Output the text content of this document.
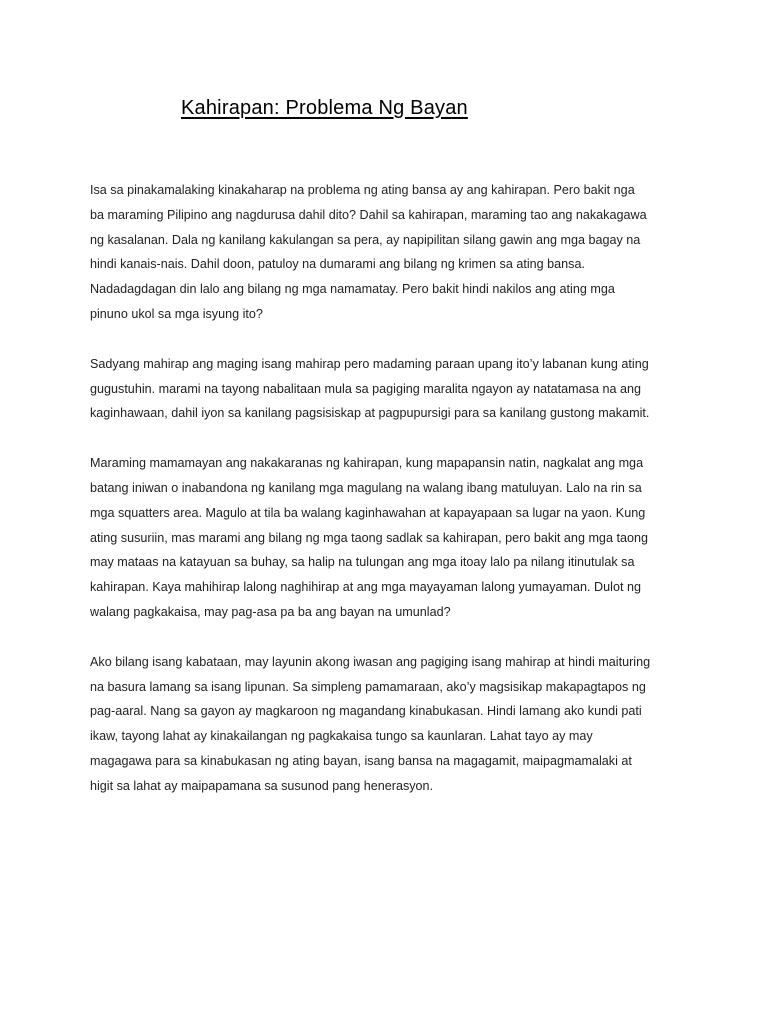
Kahirapan: Problema Ng Bayan

Isa sa pinakamalaking kinakaharap na problema ng ating bansa ay ang kahirapan. Pero bakit nga
ba maraming Pilipino ang nagdurusa dahil dito? Dahil sa kahirapan, maraming tao ang nakakagawa
ng kasalanan. Dala ng kanilang kakulangan sa pera, ay napipilitan silang gawin ang mga bagay na
hindi kanais-nais. Dahil doon, patuloy na dumarami ang bilang ng krimen sa ating bansa.
Nadadagdagan din lalo ang bilang ng mga namamatay. Pero bakit hindi nakilos ang ating mga
pinuno ukol sa mga isyung ito?

Sadyang mahirap ang maging isang mahirap pero madaming paraan upang ito’y labanan kung ating
gugustuhin. marami na tayong nabalitaan mula sa pagiging maralita ngayon ay natatamasa na ang
kaginhawaan, dahil iyon sa kanilang pagsisiskap at pagpupursigi para sa kanilang gustong makamit.

Maraming mamamayan ang nakakaranas ng kahirapan, kung mapapansin natin, nagkalat ang mga
batang iniwan o inabandona ng kanilang mga magulang na walang ibang matuluyan. Lalo na rin sa
mga squatters area. Magulo at tila ba walang kaginhawahan at kapayapaan sa lugar na yaon. Kung
ating susuriin, mas marami ang bilang ng mga taong sadlak sa kahirapan, pero bakit ang mga taong
may mataas na katayuan sa buhay, sa halip na tulungan ang mga itoay lalo pa nilang itinutulak sa
kahirapan. Kaya mahihirap lalong naghihirap at ang mga mayayaman lalong yumayaman. Dulot ng
walang pagkakaisa, may pag-asa pa ba ang bayan na umunlad?

Ako bilang isang kabataan, may layunin akong iwasan ang pagiging isang mahirap at hindi maituring
na basura lamang sa isang lipunan. Sa simpleng pamamaraan, ako’y magsisikap makapagtapos ng
pag-aaral. Nang sa gayon ay magkaroon ng magandang kinabukasan. Hindi lamang ako kundi pati
ikaw, tayong lahat ay kinakailangan ng pagkakaisa tungo sa kaunlaran. Lahat tayo ay may
magagawa para sa kinabukasan ng ating bayan, isang bansa na magagamit, maipagmamalaki at
higit sa lahat ay maipapamana sa susunod pang henerasyon.
